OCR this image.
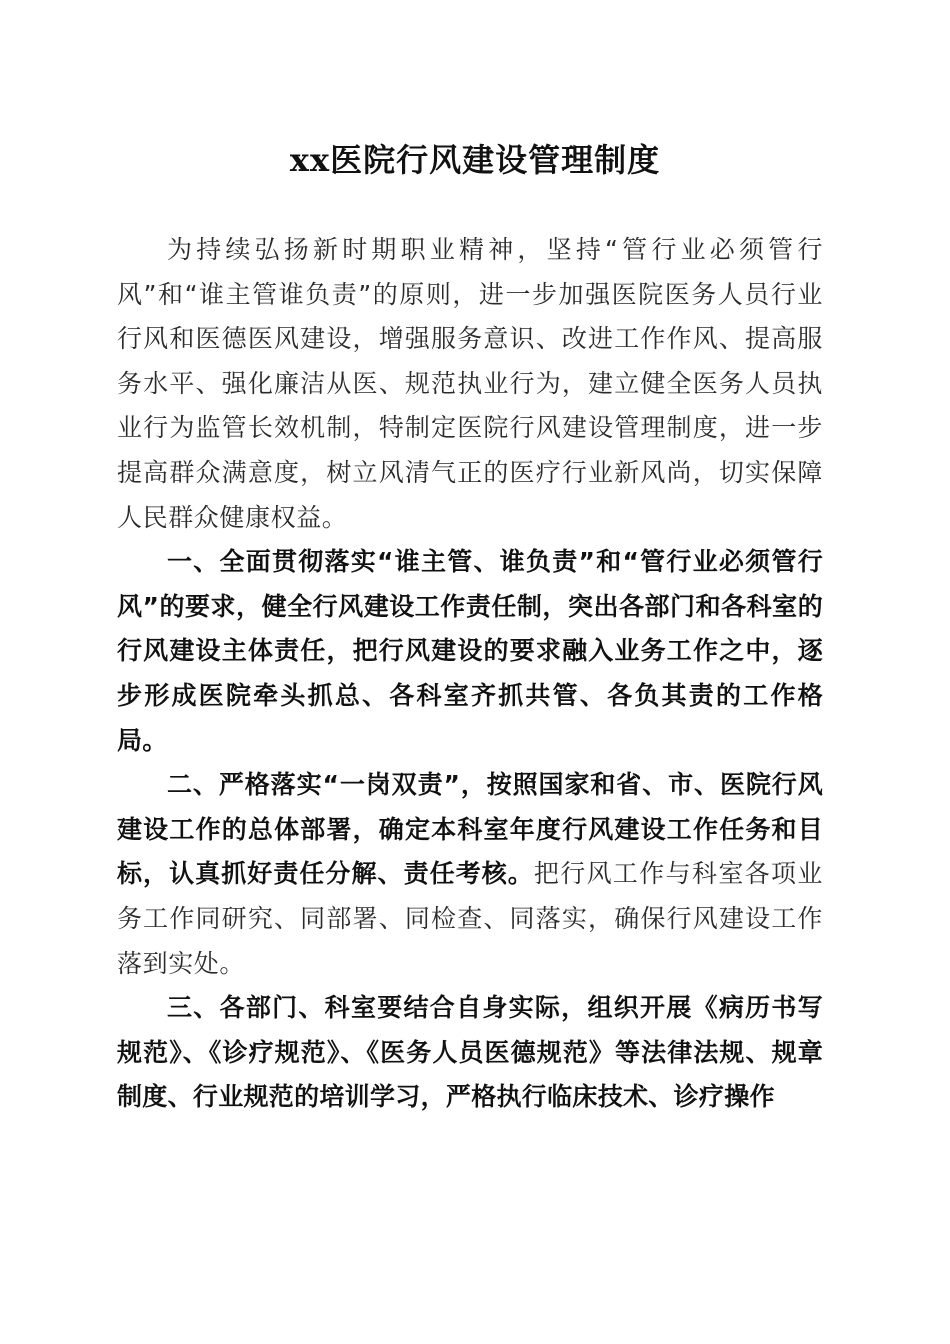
xx医院行风建设管理制度

为持续弘扬新时期职业精神，坚持“管行业必须管行风”和“谁主管谁负责”的原则，进一步加强医院医务人员行业行风和医德医风建设，增强服务意识、改进工作作风、提高服务水平、强化廉洁从医、规范执业行为，建立健全医务人员执业行为监管长效机制，特制定医院行风建设管理制度，进一步提高群众满意度，树立风清气正的医疗行业新风尚，切实保障人民群众健康权益。

一、全面贯彻落实“谁主管、谁负责”和“管行业必须管行风”的要求，健全行风建设工作责任制，突出各部门和各科室的行风建设主体责任，把行风建设的要求融入业务工作之中，逐步形成医院牵头抓总、各科室齐抓共管、各负其责的工作格局。

二、严格落实“一岗双责”，按照国家和省、市、医院行风建设工作的总体部署，确定本科室年度行风建设工作任务和目标，认真抓好责任分解、责任考核。把行风工作与科室各项业务工作同研究、同部署、同检查、同落实，确保行风建设工作落到实处。

三、各部门、科室要结合自身实际，组织开展《病历书写规范》、《诊疗规范》、《医务人员医德规范》等法律法规、规章制度、行业规范的培训学习，严格执行临床技术、诊疗操作
